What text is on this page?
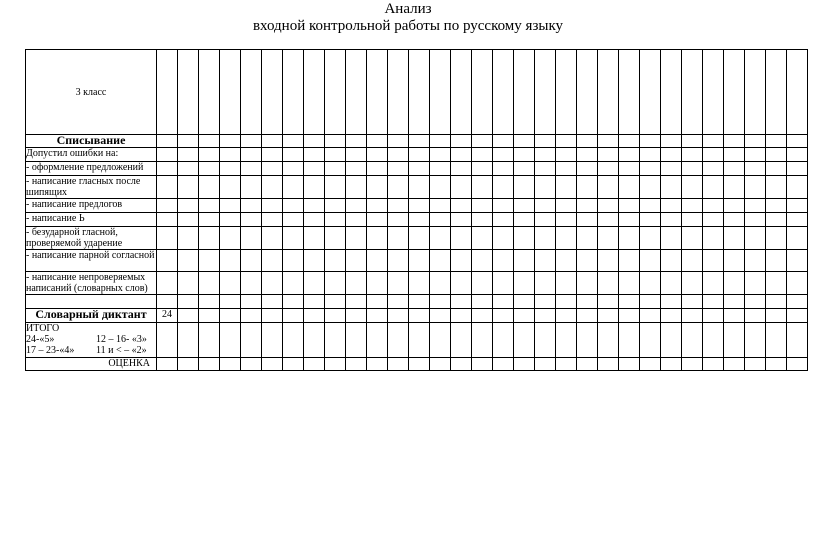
Анализ
входной контрольной работы по русскому языку
3 класс																															
Списывание																															
Допустил ошибки на:																															
- оформление предложений																															
- написание гласных после шипящих																															
- написание предлогов																															
- написание Ь																															
- безударной гласной, проверяемой ударение																															
- написание парной согласной																															
- написание непроверяемых написаний (словарных слов)																															

Словарный диктант	24																														

ИТОГО
24-«5» 12 – 16- «3»
17 – 23-«4» 11 и < – «2»																															

ОЦЕНКА																															
